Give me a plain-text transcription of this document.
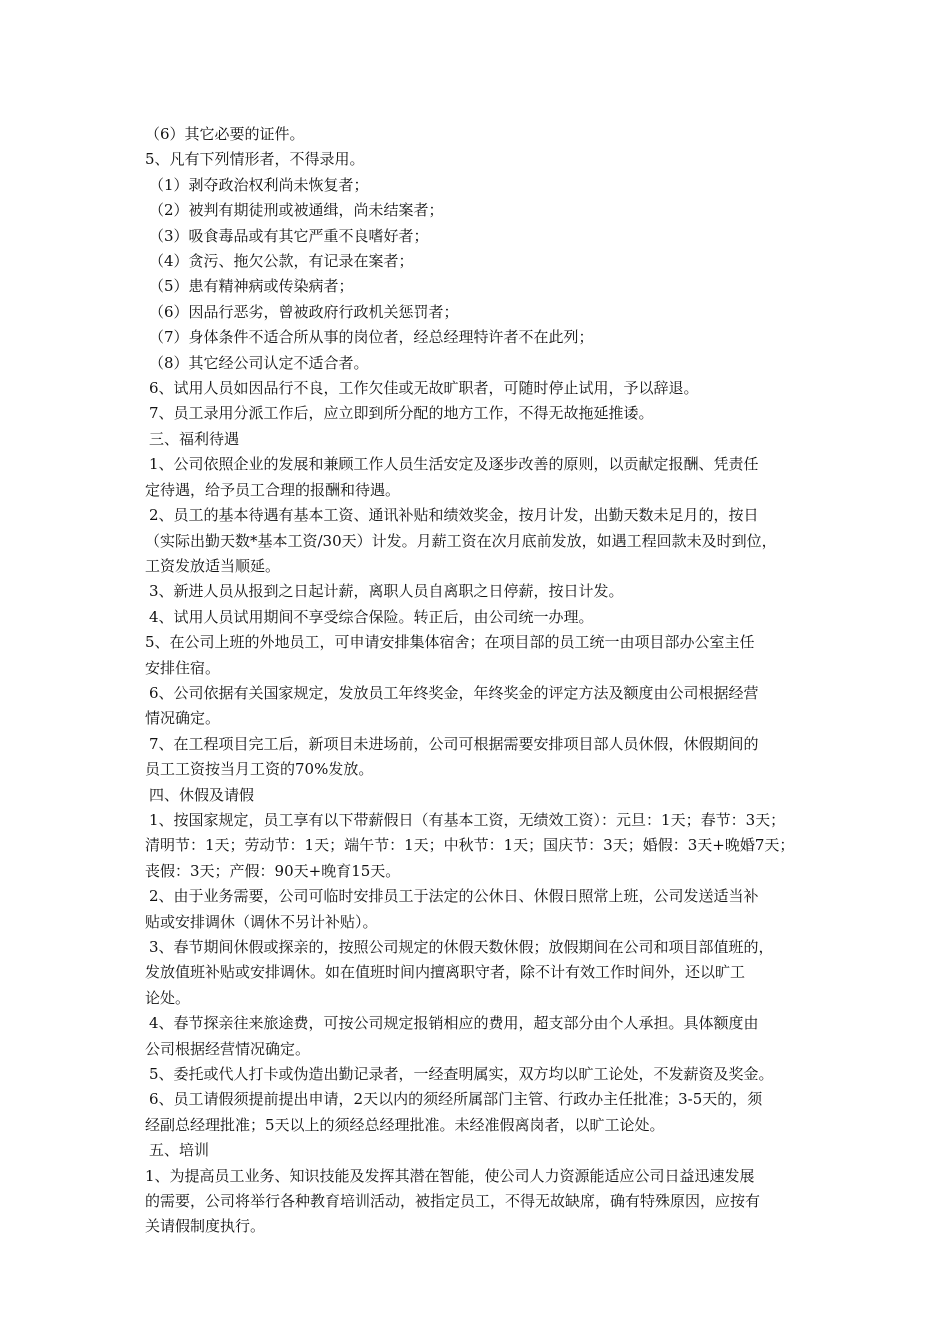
（6）其它必要的证件。
5、凡有下列情形者，不得录用。
（1）剥夺政治权利尚未恢复者；
（2）被判有期徒刑或被通缉，尚未结案者；
（3）吸食毒品或有其它严重不良嗜好者；
（4）贪污、拖欠公款，有记录在案者；
（5）患有精神病或传染病者；
（6）因品行恶劣，曾被政府行政机关惩罚者；
（7）身体条件不适合所从事的岗位者，经总经理特许者不在此列；
（8）其它经公司认定不适合者。
6、试用人员如因品行不良，工作欠佳或无故旷职者，可随时停止试用，予以辞退。
7、员工录用分派工作后，应立即到所分配的地方工作，不得无故拖延推诿。
三、福利待遇
1、公司依照企业的发展和兼顾工作人员生活安定及逐步改善的原则，以贡献定报酬、凭责任
定待遇，给予员工合理的报酬和待遇。
2、员工的基本待遇有基本工资、通讯补贴和绩效奖金，按月计发，出勤天数未足月的，按日
（实际出勤天数*基本工资/30天）计发。月薪工资在次月底前发放，如遇工程回款未及时到位，
工资发放适当顺延。
3、新进人员从报到之日起计薪，离职人员自离职之日停薪，按日计发。
4、试用人员试用期间不享受综合保险。转正后，由公司统一办理。
5、在公司上班的外地员工，可申请安排集体宿舍；在项目部的员工统一由项目部办公室主任
安排住宿。
6、公司依据有关国家规定，发放员工年终奖金，年终奖金的评定方法及额度由公司根据经营
情况确定。
7、在工程项目完工后，新项目未进场前，公司可根据需要安排项目部人员休假，休假期间的
员工工资按当月工资的70%发放。
四、休假及请假
1、按国家规定，员工享有以下带薪假日（有基本工资，无绩效工资）：元旦：1天；春节：3天；
清明节：1天；劳动节：1天；端午节：1天；中秋节：1天；国庆节：3天；婚假：3天+晚婚7天；
丧假：3天；产假：90天+晚育15天。
2、由于业务需要，公司可临时安排员工于法定的公休日、休假日照常上班，公司发送适当补
贴或安排调休（调休不另计补贴）。
3、春节期间休假或探亲的，按照公司规定的休假天数休假；放假期间在公司和项目部值班的，
发放值班补贴或安排调休。如在值班时间内擅离职守者，除不计有效工作时间外，还以旷工
论处。
4、春节探亲往来旅途费，可按公司规定报销相应的费用，超支部分由个人承担。具体额度由
公司根据经营情况确定。
5、委托或代人打卡或伪造出勤记录者，一经查明属实，双方均以旷工论处，不发薪资及奖金。
6、员工请假须提前提出申请，2天以内的须经所属部门主管、行政办主任批准；3-5天的，须
经副总经理批准；5天以上的须经总经理批准。未经准假离岗者，以旷工论处。
五、培训
1、为提高员工业务、知识技能及发挥其潜在智能，使公司人力资源能适应公司日益迅速发展
的需要，公司将举行各种教育培训活动，被指定员工，不得无故缺席，确有特殊原因，应按有
关请假制度执行。
